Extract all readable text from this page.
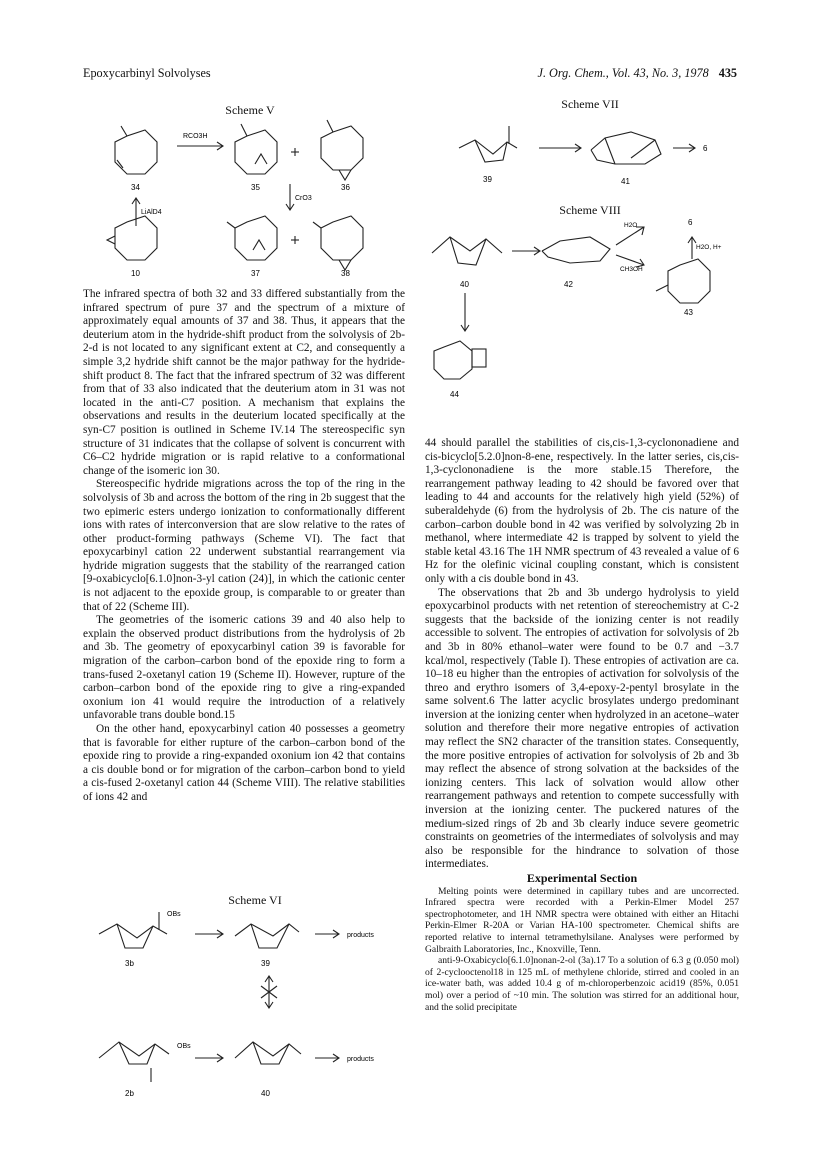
Epoxycarbinyl Solvolyses	J. Org. Chem., Vol. 43, No. 3, 1978 435
Scheme V
RCO3H
CrO3
LiAlD4
34	35	36
10	37	38
Scheme VII
39	41
6
Scheme VIII
40	42
43
44
6
H2O
CH3OH
H2O, H+

The infrared spectra of both 32 and 33 differed substantially from the infrared spectrum of pure 37 and the spectrum of a mixture of approximately equal amounts of 37 and 38. Thus, it appears that the deuterium atom in the hydride-shift product from the solvolysis of 2b-2-d is not located to any significant extent at C2, and consequently a simple 3,2 hydride shift cannot be the major pathway for the hydride-shift product 8. The fact that the infrared spectrum of 32 was different from that of 33 also indicated that the deuterium atom in 31 was not located in the anti-C7 position. A mechanism that explains the observations and results in the deuterium located specifically at the syn-C7 position is outlined in Scheme IV.14 The stereospecific syn structure of 31 indicates that the collapse of solvent is concurrent with C6–C2 hydride migration or is rapid relative to a conformational change of the isomeric ion 30.

Stereospecific hydride migrations across the top of the ring in the solvolysis of 3b and across the bottom of the ring in 2b suggest that the two epimeric esters undergo ionization to conformationally different ions with rates of interconversion that are slow relative to the rates of other product-forming pathways (Scheme VI). The fact that epoxycarbinyl cation 22 underwent substantial rearrangement via hydride migration suggests that the stability of the rearranged cation [9-oxabicyclo[6.1.0]non-3-yl cation (24)], in which the cationic center is not adjacent to the epoxide group, is comparable to or greater than that of 22 (Scheme III).

The geometries of the isomeric cations 39 and 40 also help to explain the observed product distributions from the hydrolysis of 2b and 3b. The geometry of epoxycarbinyl cation 39 is favorable for migration of the carbon–carbon bond of the epoxide ring to form a trans-fused 2-oxetanyl cation 19 (Scheme II). However, rupture of the carbon–carbon bond of the epoxide ring to give a ring-expanded oxonium ion 41 would require the introduction of a relatively unfavorable trans double bond.15

On the other hand, epoxycarbinyl cation 40 possesses a geometry that is favorable for either rupture of the carbon–carbon bond of the epoxide ring to provide a ring-expanded oxonium ion 42 that contains a cis double bond or for migration of the carbon–carbon bond to yield a cis-fused 2-oxetanyl cation 44 (Scheme VIII). The relative stabilities of ions 42 and

Scheme VI
OBs
OBs
products
products
3b	39
2b	40

44 should parallel the stabilities of cis,cis-1,3-cyclononadiene and cis-bicyclo[5.2.0]non-8-ene, respectively. In the latter series, cis,cis-1,3-cyclononadiene is the more stable.15 Therefore, the rearrangement pathway leading to 42 should be favored over that leading to 44 and accounts for the relatively high yield (52%) of suberaldehyde (6) from the hydrolysis of 2b. The cis nature of the carbon–carbon double bond in 42 was verified by solvolyzing 2b in methanol, where intermediate 42 is trapped by solvent to yield the stable ketal 43.16 The 1H NMR spectrum of 43 revealed a value of 6 Hz for the olefinic vicinal coupling constant, which is consistent only with a cis double bond in 43.

The observations that 2b and 3b undergo hydrolysis to yield epoxycarbinol products with net retention of stereochemistry at C-2 suggests that the backside of the ionizing center is not readily accessible to solvent. The entropies of activation for solvolysis of 2b and 3b in 80% ethanol–water were found to be 0.7 and −3.7 kcal/mol, respectively (Table I). These entropies of activation are ca. 10–18 eu higher than the entropies of activation for solvolysis of the threo and erythro isomers of 3,4-epoxy-2-pentyl brosylate in the same solvent.6 The latter acyclic brosylates undergo predominant inversion at the ionizing center when hydrolyzed in an acetone–water solution and therefore their more negative entropies of activation may reflect the SN2 character of the transition states. Consequently, the more positive entropies of activation for solvolysis of 2b and 3b may reflect the absence of strong solvation at the backsides of the ionizing centers. This lack of solvation would allow other rearrangement pathways and retention to compete successfully with inversion at the ionizing center. The puckered natures of the medium-sized rings of 2b and 3b clearly induce severe geometric constraints on geometries of the intermediates of solvolysis and may also be responsible for the hindrance to solvation of those intermediates.

Experimental Section

Melting points were determined in capillary tubes and are uncorrected. Infrared spectra were recorded with a Perkin-Elmer Model 257 spectrophotometer, and 1H NMR spectra were obtained with either an Hitachi Perkin-Elmer R-20A or Varian HA-100 spectrometer. Chemical shifts are reported relative to internal tetramethylsilane. Analyses were performed by Galbraith Laboratories, Inc., Knoxville, Tenn.

anti-9-Oxabicyclo[6.1.0]nonan-2-ol (3a).17 To a solution of 6.3 g (0.050 mol) of 2-cyclooctenol18 in 125 mL of methylene chloride, stirred and cooled in an ice-water bath, was added 10.4 g of m-chloroperbenzoic acid19 (85%, 0.051 mol) over a period of ~10 min. The solution was stirred for an additional hour, and the solid precipitate
